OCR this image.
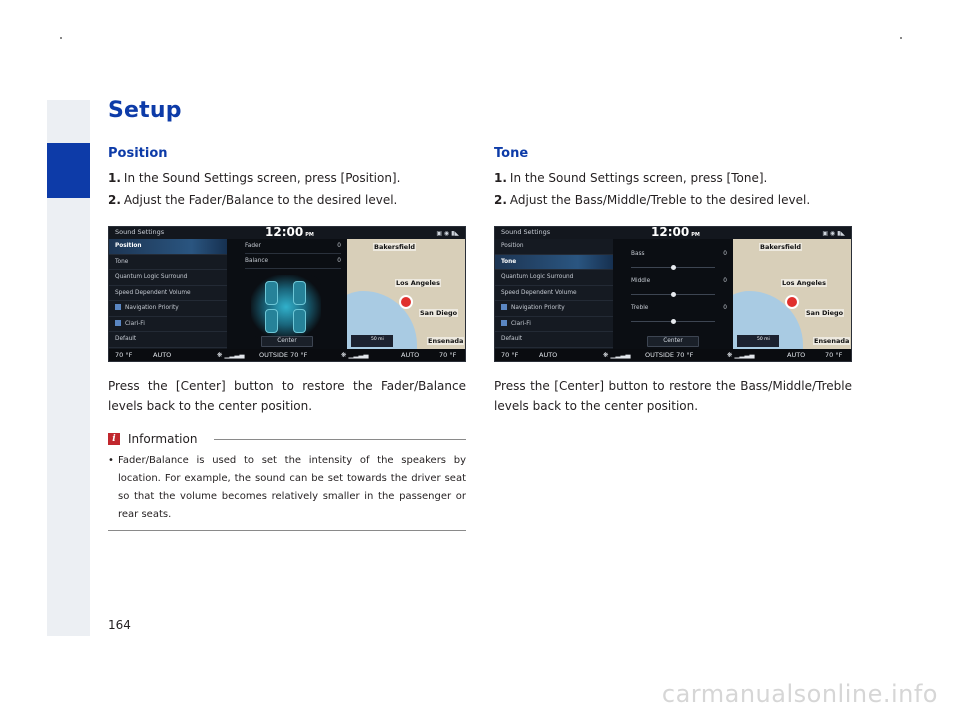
Setup
Position
1. In the Sound Settings screen, press [Position].
2. Adjust the Fader/Balance to the desired level.
Sound Settings	12:00 PM	▣ ◉ ▮◣
Position
Tone
Quantum Logic Surround
Speed Dependent Volume
Navigation Priority
Clari-Fi
Default
Fader	0
Balance	0
Center
Bakersfield
Los Angeles
San Diego
Ensenada
50 mi
70 °F	AUTO	❋ ▁▂▃▄ OUTSIDE 70 °F	❋ ▁▂▃▄	AUTO	70 °F
Press the [Center] button to restore the Fader/Balance levels back to the center position.
i	Information
• Fader/Balance is used to set the intensity of the speakers by location. For example, the sound can be set towards the driver seat so that the volume becomes relatively smaller in the passenger or rear seats.
Tone
1. In the Sound Settings screen, press [Tone].
2. Adjust the Bass/Middle/Treble to the desired level.
Sound Settings	12:00 PM	▣ ◉ ▮◣
Position
Tone
Quantum Logic Surround
Speed Dependent Volume
Navigation Priority
Clari-Fi
Default
Bass	0
Middle	0
Treble	0
Center
Bakersfield
Los Angeles
San Diego
Ensenada
50 mi
70 °F	AUTO	❋ ▁▂▃▄ OUTSIDE 70 °F	❋ ▁▂▃▄	AUTO	70 °F
Press the [Center] button to restore the Bass/Middle/Treble levels back to the center position.
164
carmanualsonline.info
